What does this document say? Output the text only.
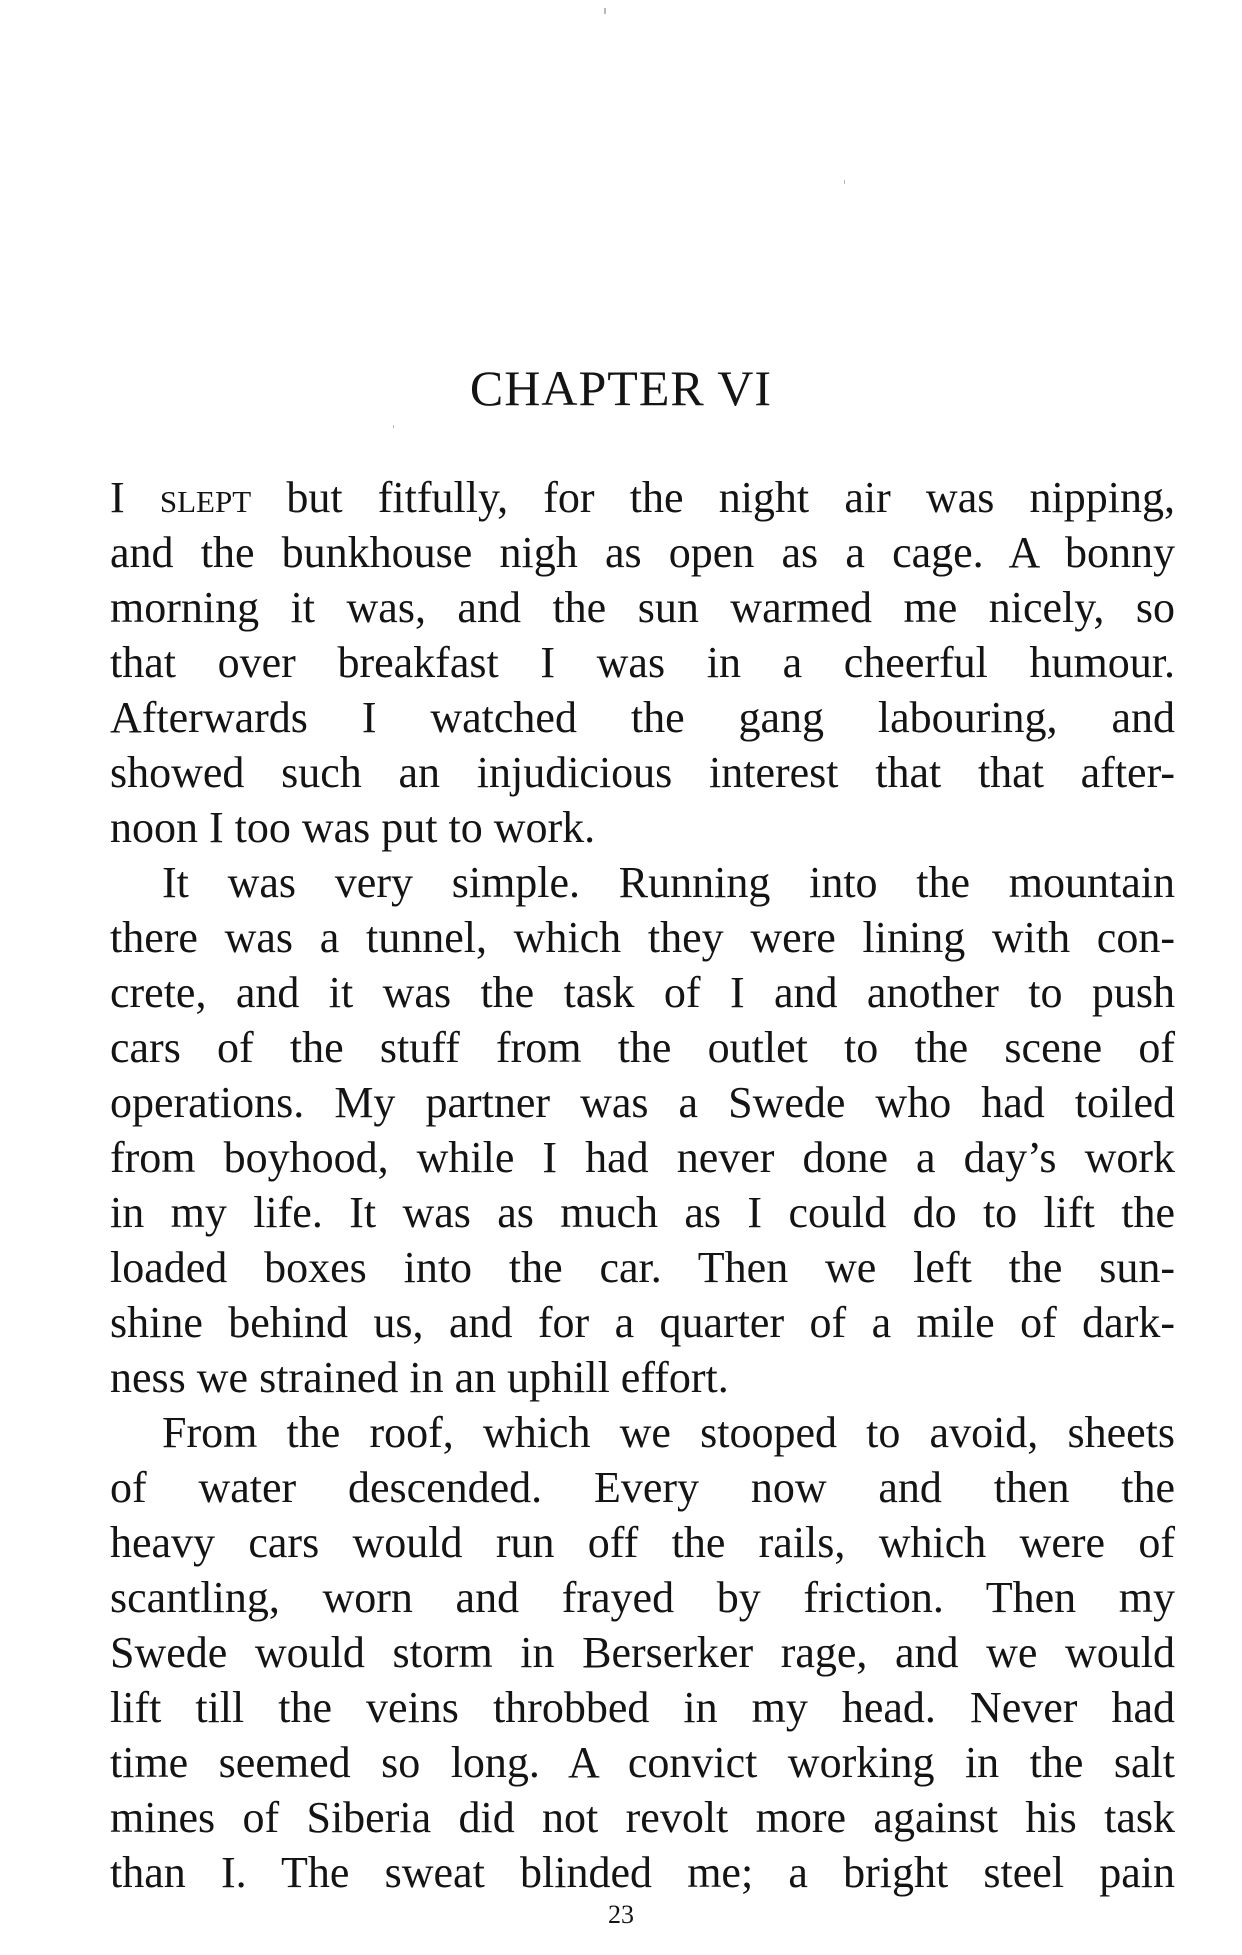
CHAPTER VI
I slept but fitfully, for the night air was nipping,
and the bunkhouse nigh as open as a cage. A bonny
morning it was, and the sun warmed me nicely, so
that over breakfast I was in a cheerful humour.
Afterwards I watched the gang labouring, and
showed such an injudicious interest that that after-
noon I too was put to work.
It was very simple. Running into the mountain
there was a tunnel, which they were lining with con-
crete, and it was the task of I and another to push
cars of the stuff from the outlet to the scene of
operations. My partner was a Swede who had toiled
from boyhood, while I had never done a day’s work
in my life. It was as much as I could do to lift the
loaded boxes into the car. Then we left the sun-
shine behind us, and for a quarter of a mile of dark-
ness we strained in an uphill effort.
From the roof, which we stooped to avoid, sheets
of water descended. Every now and then the
heavy cars would run off the rails, which were of
scantling, worn and frayed by friction. Then my
Swede would storm in Berserker rage, and we would
lift till the veins throbbed in my head. Never had
time seemed so long. A convict working in the salt
mines of Siberia did not revolt more against his task
than I. The sweat blinded me; a bright steel pain
23
